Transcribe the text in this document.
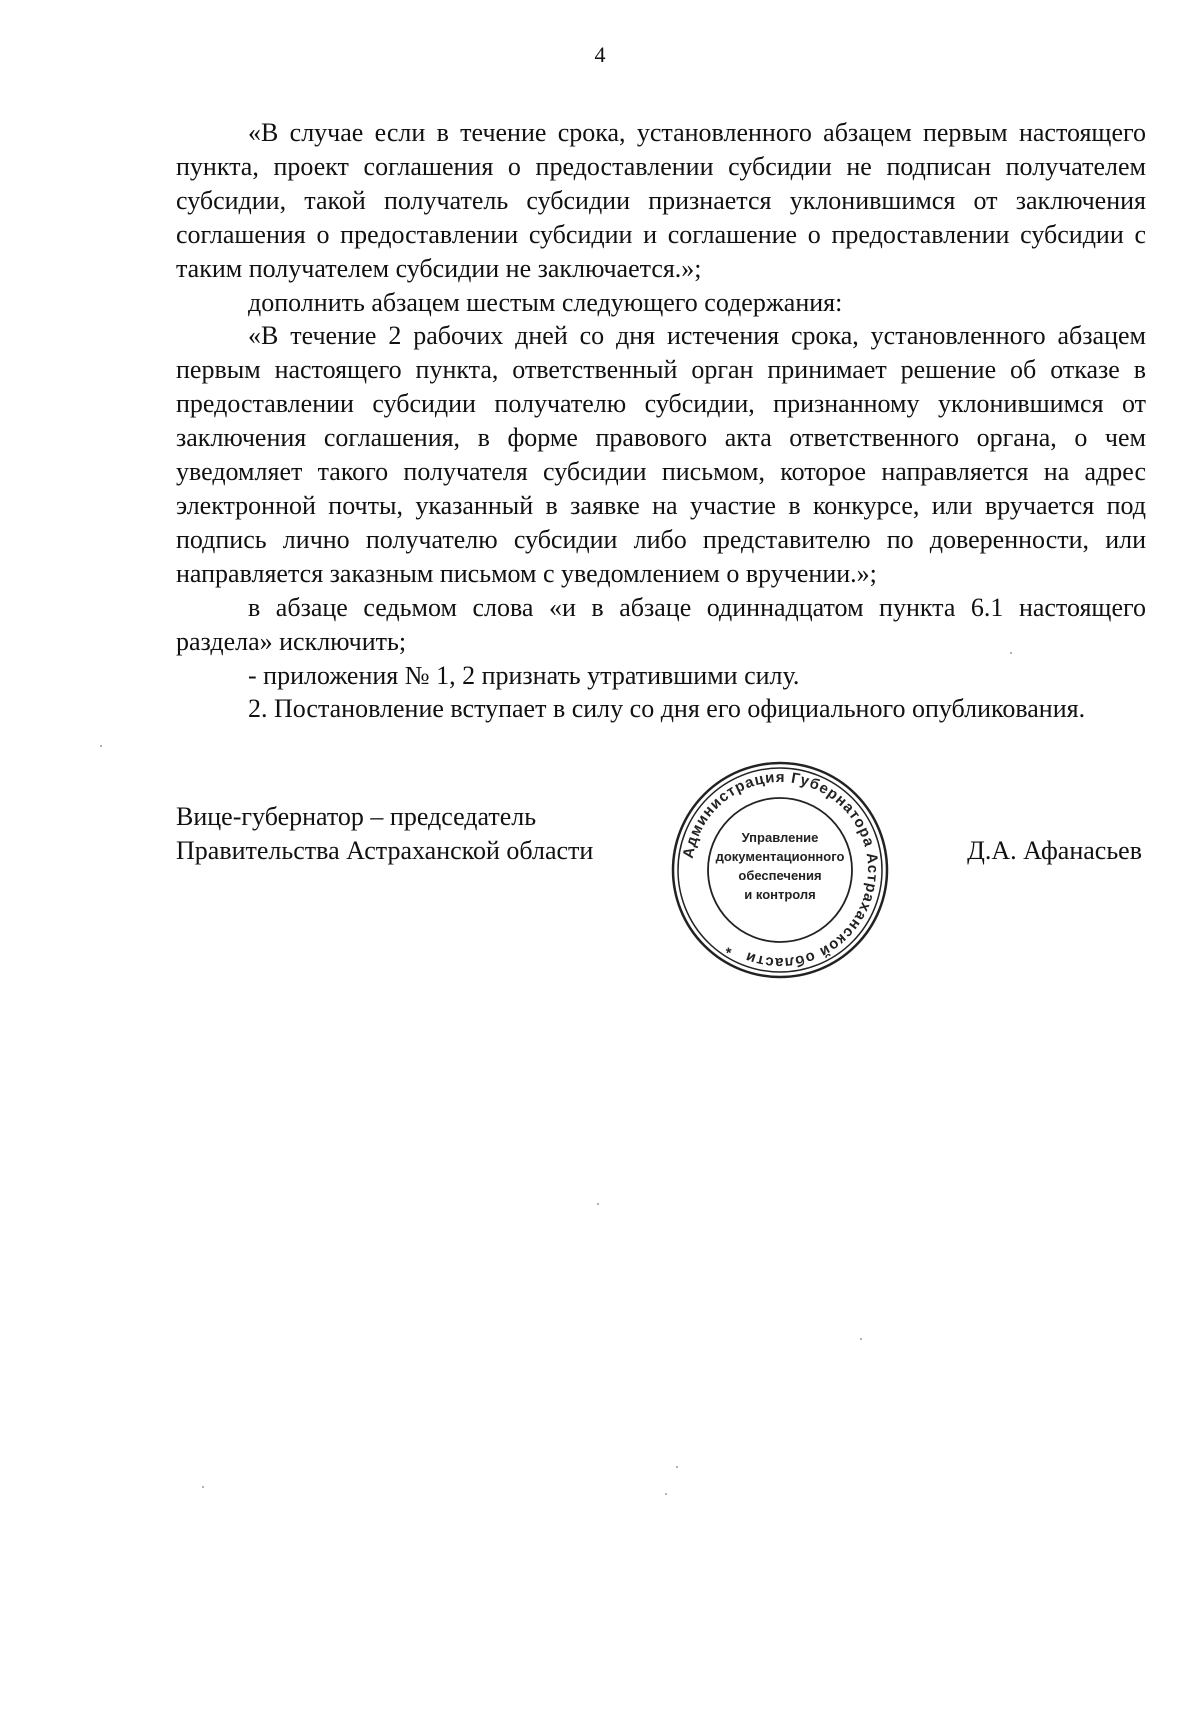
4

«В случае если в течение срока, установленного абзацем первым настоящего пункта, проект соглашения о предоставлении субсидии не подписан получателем субсидии, такой получатель субсидии признается уклонившимся от заключения соглашения о предоставлении субсидии и соглашение о предоставлении субсидии с таким получателем субсидии не заключается.»;

дополнить абзацем шестым следующего содержания:

«В течение 2 рабочих дней со дня истечения срока, установленного абзацем первым настоящего пункта, ответственный орган принимает решение об отказе в предоставлении субсидии получателю субсидии, признанному уклонившимся от заключения соглашения, в форме правового акта ответственного органа, о чем уведомляет такого получателя субсидии письмом, которое направляется на адрес электронной почты, указанный в заявке на участие в конкурсе, или вручается под подпись лично получателю субсидии либо представителю по доверенности, или направляется заказным письмом с уведомлением о вручении.»;

в абзаце седьмом слова «и в абзаце одиннадцатом пункта 6.1 настоящего раздела» исключить;

- приложения № 1, 2 признать утратившими силу.

2. Постановление вступает в силу со дня его официального опубликования.

Вице-губернатор – председатель
Правительства Астраханской области	Д.А. Афанасьев
Администрация Губернатора Астраханской области *
Управление
документационного
обеспечения
и контроля
